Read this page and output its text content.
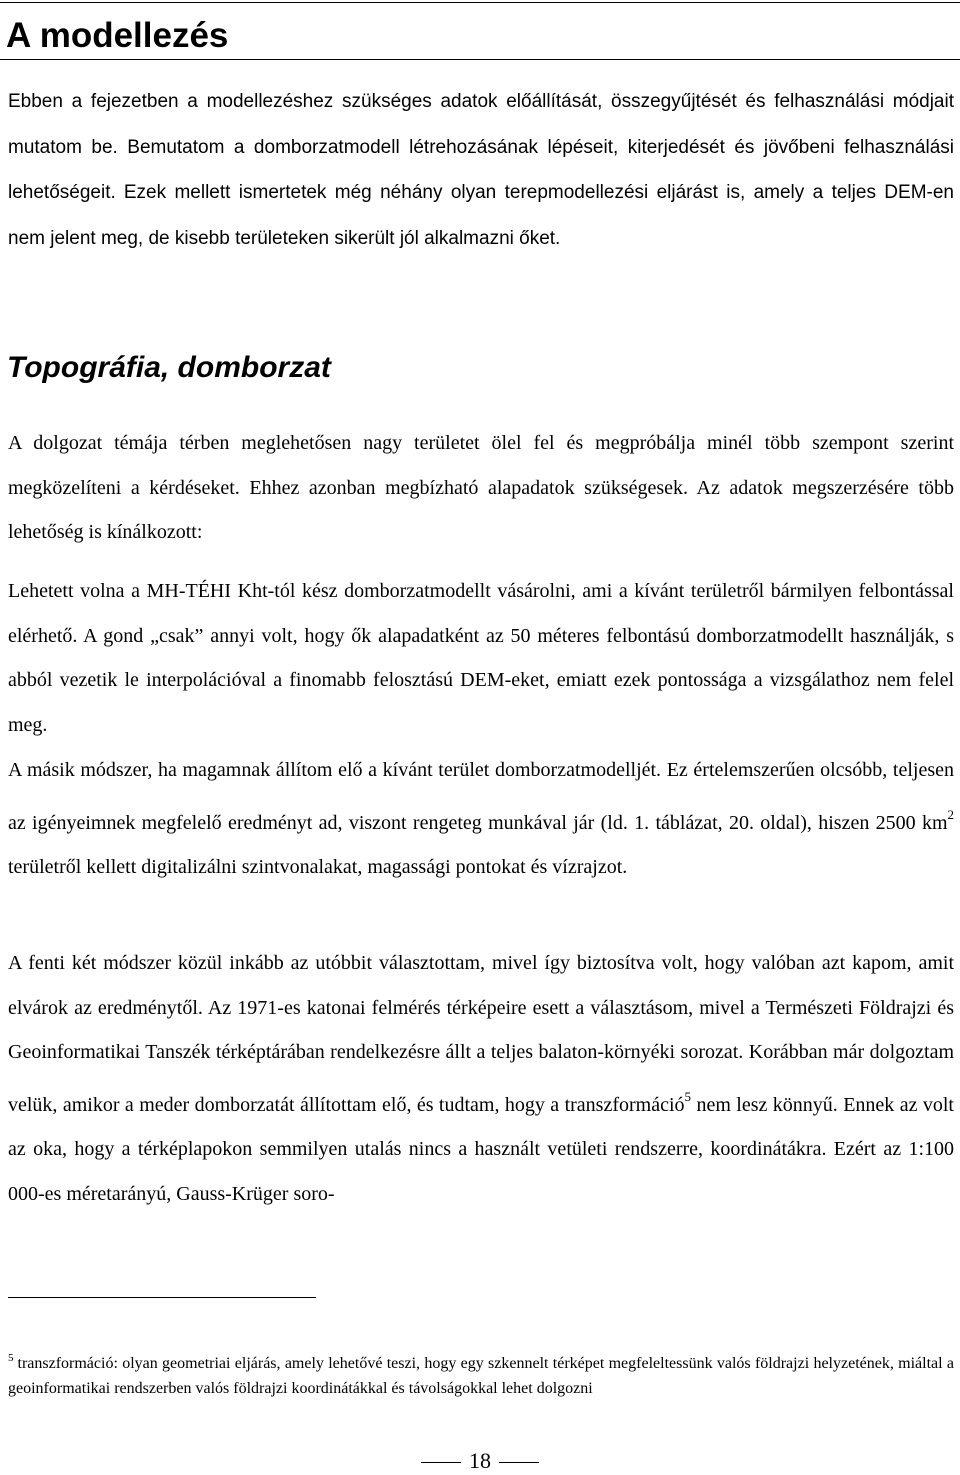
A modellezés

Ebben a fejezetben a modellezéshez szükséges adatok előállítását, összegyűjtését és felhasználási módjait mutatom be. Bemutatom a domborzatmodell létrehozásának lépéseit, kiterjedését és jövőbeni felhasználási lehetőségeit. Ezek mellett ismertetek még néhány olyan terepmodellezési eljárást is, amely a teljes DEM-en nem jelent meg, de kisebb területeken sikerült jól alkalmazni őket.

Topográfia, domborzat

A dolgozat témája térben meglehetősen nagy területet ölel fel és megpróbálja minél több szempont szerint megközelíteni a kérdéseket. Ehhez azonban megbízható alapadatok szükségesek. Az adatok megszerzésére több lehetőség is kínálkozott:

Lehetett volna a MH-TÉHI Kht-tól kész domborzatmodellt vásárolni, ami a kívánt területről bármilyen felbontással elérhető. A gond „csak” annyi volt, hogy ők alapadatként az 50 méteres felbontású domborzatmodellt használják, s abból vezetik le interpolációval a finomabb felosztású DEM-eket, emiatt ezek pontossága a vizsgálathoz nem felel meg.

A másik módszer, ha magamnak állítom elő a kívánt terület domborzatmodelljét. Ez értelemszerűen olcsóbb, teljesen az igényeimnek megfelelő eredményt ad, viszont rengeteg munkával jár (ld. 1. táblázat, 20. oldal), hiszen 2500 $km^2$ területről kellett digitalizálni szintvonalakat, magassági pontokat és vízrajzot.

A fenti két módszer közül inkább az utóbbit választottam, mivel így biztosítva volt, hogy valóban azt kapom, amit elvárok az eredménytől. Az 1971-es katonai felmérés térképeire esett a választásom, mivel a Természeti Földrajzi és Geoinformatikai Tanszék térképtárában rendelkezésre állt a teljes balaton-környéki sorozat. Korábban már dolgoztam velük, amikor a meder domborzatát állítottam elő, és tudtam, hogy a transzformáció$^5$ nem lesz könnyű. Ennek az volt az oka, hogy a térképlapokon semmilyen utalás nincs a használt vetületi rendszerre, koordinátákra. Ezért az 1:100 000-es méretarányú, Gauss-Krüger soro-

$^5$ transzformáció: olyan geometriai eljárás, amely lehetővé teszi, hogy egy szkennelt térképet megfeleltessünk valós földrajzi helyzetének, miáltal a geoinformatikai rendszerben valós földrajzi koordinátákkal és távolságokkal lehet dolgozni

18
